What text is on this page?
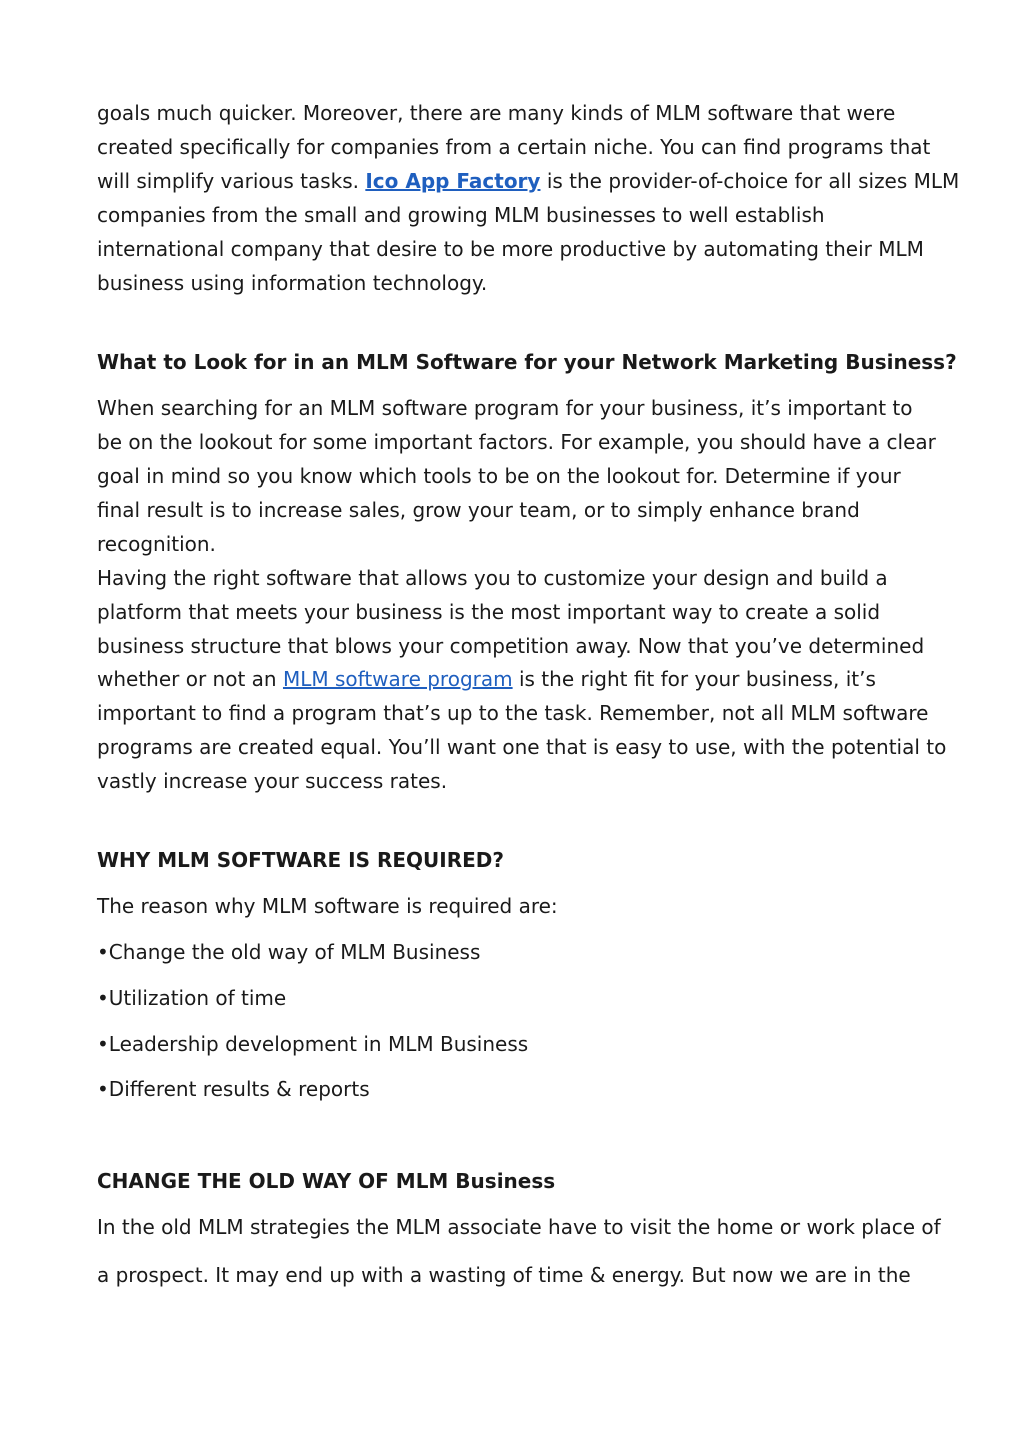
goals much quicker. Moreover, there are many kinds of MLM software that were
created specifically for companies from a certain niche. You can find programs that
will simplify various tasks. Ico App Factory is the provider-of-choice for all sizes MLM
companies from the small and growing MLM businesses to well establish
international company that desire to be more productive by automating their MLM
business using information technology.
What to Look for in an MLM Software for your Network Marketing Business?
When searching for an MLM software program for your business, it’s important to
be on the lookout for some important factors. For example, you should have a clear
goal in mind so you know which tools to be on the lookout for. Determine if your
final result is to increase sales, grow your team, or to simply enhance brand
recognition.
Having the right software that allows you to customize your design and build a
platform that meets your business is the most important way to create a solid
business structure that blows your competition away. Now that you’ve determined
whether or not an MLM software program is the right fit for your business, it’s
important to find a program that’s up to the task. Remember, not all MLM software
programs are created equal. You’ll want one that is easy to use, with the potential to
vastly increase your success rates.
WHY MLM SOFTWARE IS REQUIRED?
The reason why MLM software is required are:
•Change the old way of MLM Business
•Utilization of time
•Leadership development in MLM Business
•Different results & reports
CHANGE THE OLD WAY OF MLM Business
In the old MLM strategies the MLM associate have to visit the home or work place of
a prospect. It may end up with a wasting of time & energy. But now we are in the
